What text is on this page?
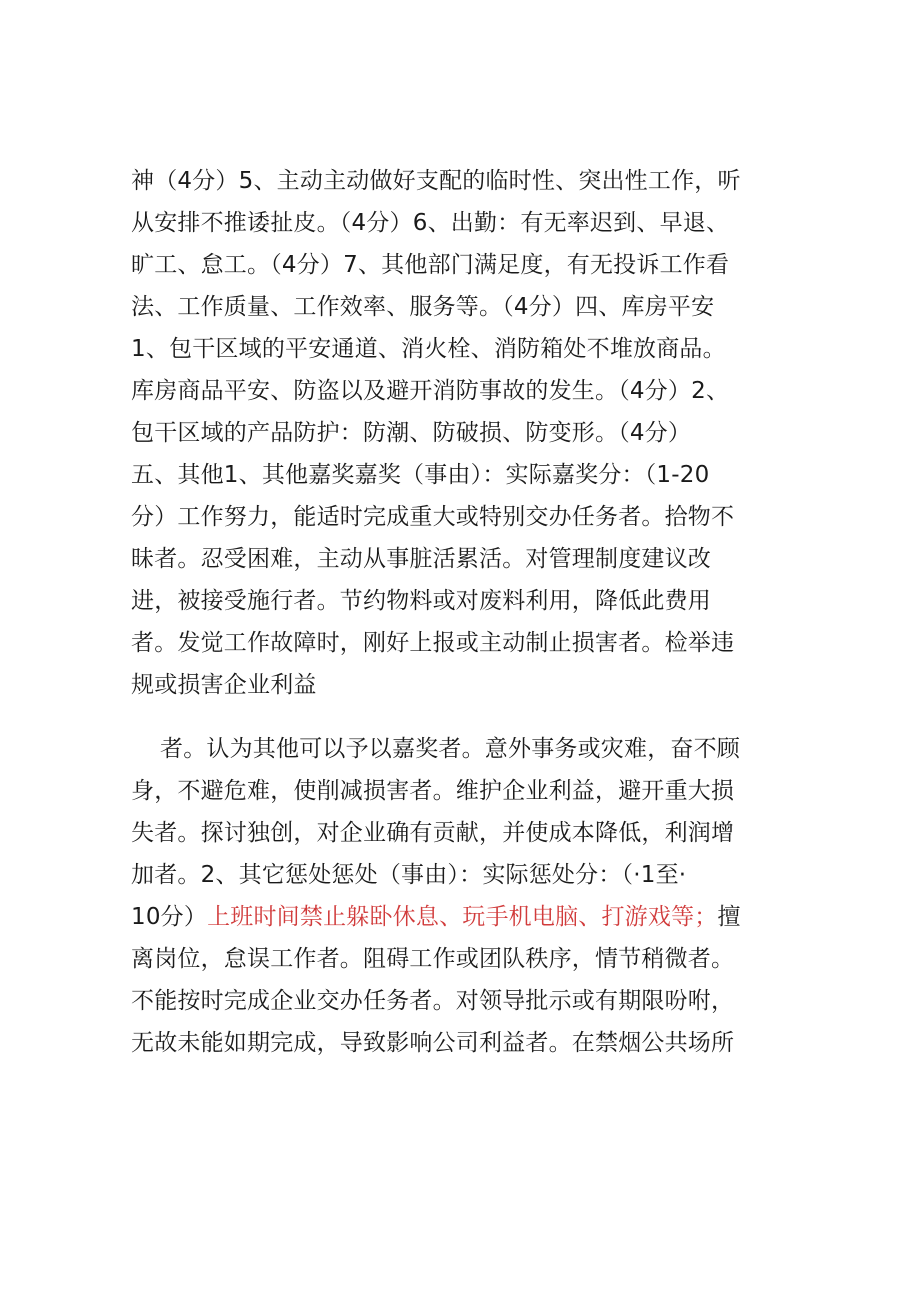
神（4分）5、主动主动做好支配的临时性、突出性工作，听
从安排不推诿扯皮。（4分）6、出勤：有无率迟到、早退、
旷工、怠工。（4分）7、其他部门满足度，有无投诉工作看
法、工作质量、工作效率、服务等。（4分）四、库房平安
1、包干区域的平安通道、消火栓、消防箱处不堆放商品。
库房商品平安、防盗以及避开消防事故的发生。（4分）2、
包干区域的产品防护：防潮、防破损、防变形。（4分）
五、其他1、其他嘉奖嘉奖（事由）：实际嘉奖分：（1-20
分）工作努力，能适时完成重大或特别交办任务者。拾物不
昧者。忍受困难，主动从事脏活累活。对管理制度建议改
进，被接受施行者。节约物料或对废料利用，降低此费用
者。发觉工作故障时，刚好上报或主动制止损害者。检举违
规或损害企业利益
者。认为其他可以予以嘉奖者。意外事务或灾难，奋不顾
身，不避危难，使削减损害者。维护企业利益，避开重大损
失者。探讨独创，对企业确有贡献，并使成本降低，利润增
加者。2、其它惩处惩处（事由）：实际惩处分：（·1至·
10分）上班时间禁止躲卧休息、玩手机电脑、打游戏等；擅
离岗位，怠误工作者。阻碍工作或团队秩序，情节稍微者。
不能按时完成企业交办任务者。对领导批示或有期限吩咐，
无故未能如期完成，导致影响公司利益者。在禁烟公共场所
